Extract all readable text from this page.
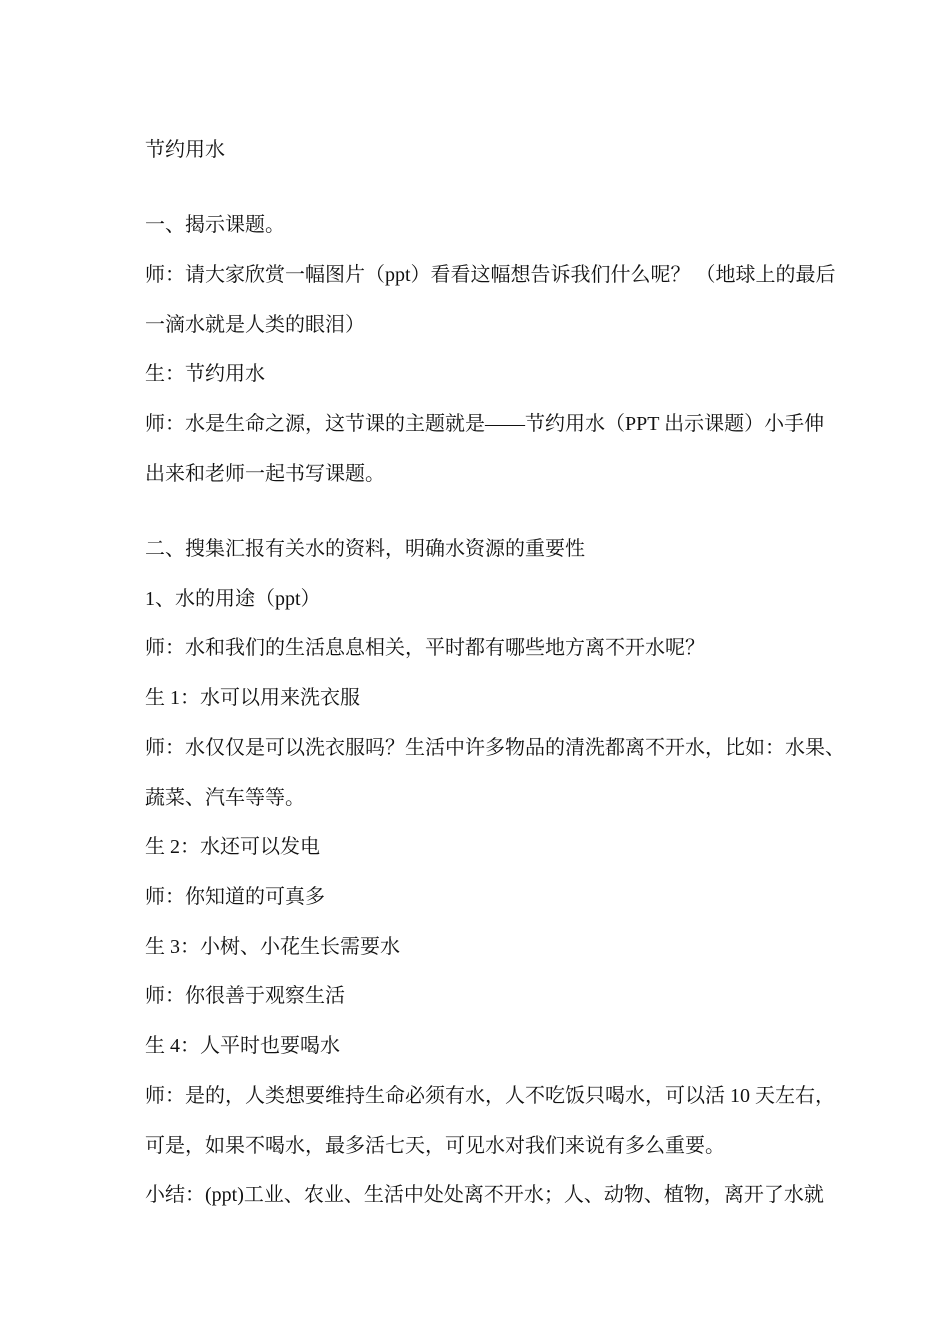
节约用水

一、揭示课题。

师：请大家欣赏一幅图片（ppt）看看这幅想告诉我们什么呢？ （地球上的最后

一滴水就是人类的眼泪）

生：节约用水

师：水是生命之源，这节课的主题就是——节约用水（PPT 出示课题）小手伸

出来和老师一起书写课题。

二、搜集汇报有关水的资料，明确水资源的重要性

1、水的用途（ppt）

师：水和我们的生活息息相关，平时都有哪些地方离不开水呢？

生 1：水可以用来洗衣服

师：水仅仅是可以洗衣服吗？生活中许多物品的清洗都离不开水，比如：水果、

蔬菜、汽车等等。

生 2：水还可以发电

师：你知道的可真多

生 3：小树、小花生长需要水

师：你很善于观察生活

生 4：人平时也要喝水

师：是的，人类想要维持生命必须有水，人不吃饭只喝水，可以活 10 天左右，

可是，如果不喝水，最多活七天，可见水对我们来说有多么重要。

小结：(ppt)工业、农业、生活中处处离不开水；人、动物、植物，离开了水就
